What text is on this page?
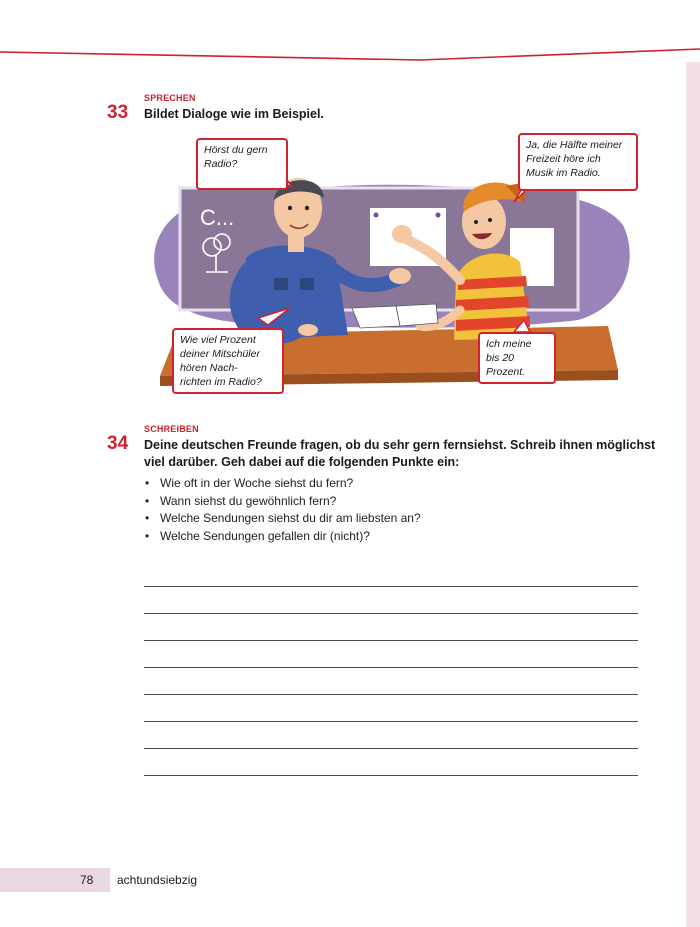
SPRECHEN
33 Bildet Dialoge wie im Beispiel.
C...
Hörst du gern Radio?
Ja, die Hälfte meiner Freizeit höre ich Musik im Radio.
Wie viel Prozent
deiner Mitschüler
hören Nach-
richten im Radio?
Ich meine
bis 20
Prozent.
SCHREIBEN
34 Deine deutschen Freunde fragen, ob du sehr gern fernsiehst. Schreib ihnen möglichst
viel darüber. Geh dabei auf die folgenden Punkte ein:
• Wie oft in der Woche siehst du fern?
• Wann siehst du gewöhnlich fern?
• Welche Sendungen siehst du dir am liebsten an?
• Welche Sendungen gefallen dir (nicht)?
78 achtundsiebzig
